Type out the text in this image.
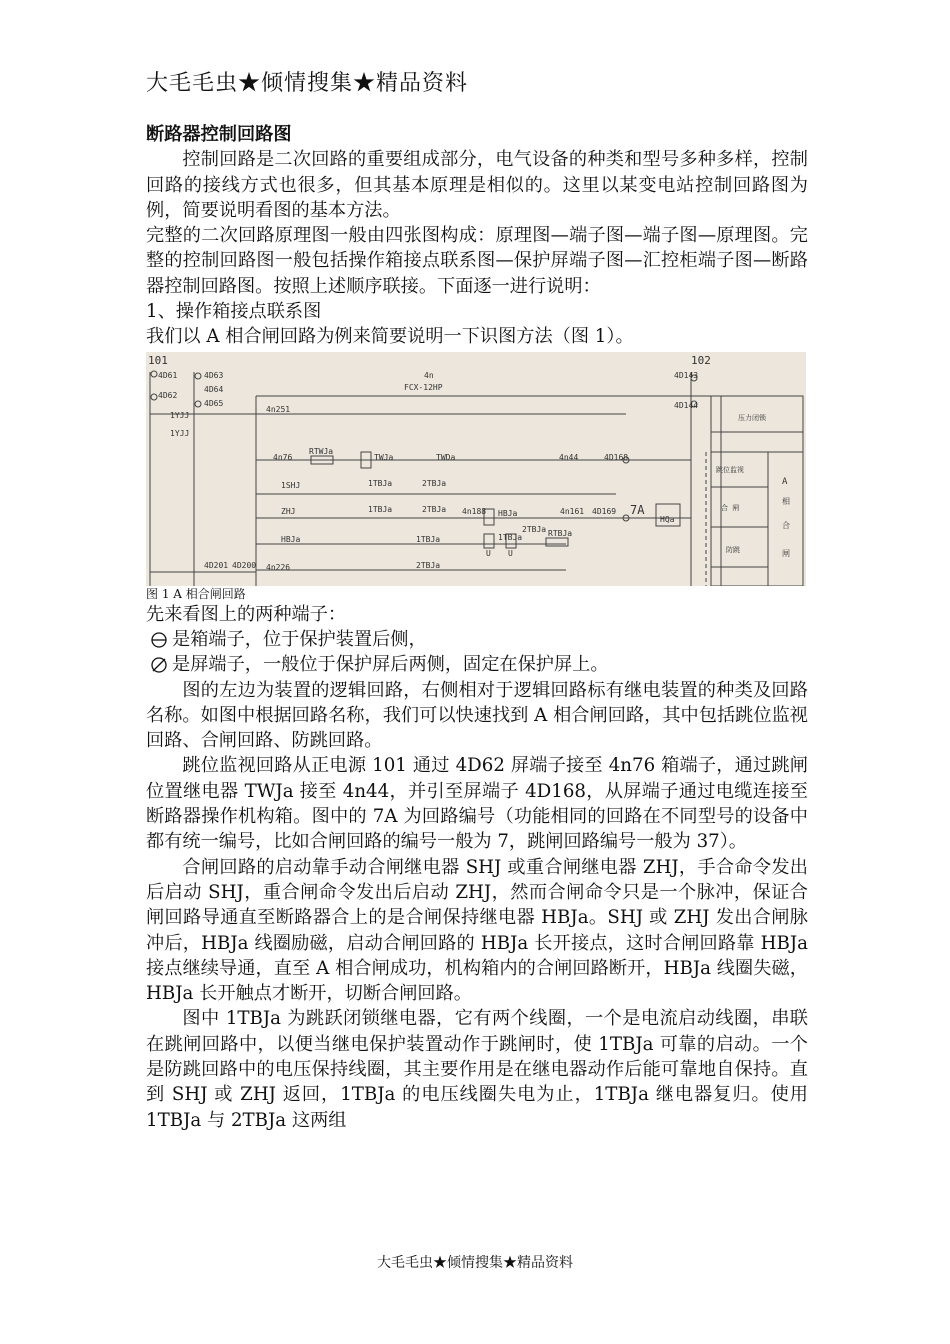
大毛毛虫★倾情搜集★精品资料

断路器控制回路图

控制回路是二次回路的重要组成部分，电气设备的种类和型号多种多样，控制回路的接线方式也很多，但其基本原理是相似的。这里以某变电站控制回路图为例，简要说明看图的基本方法。

完整的二次回路原理图一般由四张图构成：原理图—端子图—端子图—原理图。完整的控制回路图一般包括操作箱接点联系图—保护屏端子图—汇控柜端子图—断路器控制回路图。按照上述顺序联接。下面逐一进行说明：

1、操作箱接点联系图

我们以 A 相合闸回路为例来简要说明一下识图方法（图 1）。

101	102
4D61
4D62
4D63
4D64
4D65
1YJJ
1YJJ
4n
FCX-12HP
4n251
4n76
RTWJa
TWJa	TWDa	4n44	4D168
1SHJ	1TBJa	2TBJa
ZHJ	1TBJa	2TBJa 4n188 HBJa	4n161 4D169 7A
HQa
HBJa	1TBJa	1TBJa
2TBJa RTBJa
2TBJa
U U
4D201 4D200 4n226
4D143
4D144
压力闭锁
跳位监视
合 闸
防跳
A
相
合
闸

图 1 A 相合闸回路

先来看图上的两种端子：

是箱端子，位于保护装置后侧，

是屏端子，一般位于保护屏后两侧，固定在保护屏上。

图的左边为装置的逻辑回路，右侧相对于逻辑回路标有继电装置的种类及回路名称。如图中根据回路名称，我们可以快速找到 A 相合闸回路，其中包括跳位监视回路、合闸回路、防跳回路。

跳位监视回路从正电源 101 通过 4D62 屏端子接至 4n76 箱端子，通过跳闸位置继电器 TWJa 接至 4n44，并引至屏端子 4D168，从屏端子通过电缆连接至断路器操作机构箱。图中的 7A 为回路编号（功能相同的回路在不同型号的设备中都有统一编号，比如合闸回路的编号一般为 7，跳闸回路编号一般为 37）。

合闸回路的启动靠手动合闸继电器 SHJ 或重合闸继电器 ZHJ，手合命令发出后启动 SHJ，重合闸命令发出后启动 ZHJ，然而合闸命令只是一个脉冲，保证合闸回路导通直至断路器合上的是合闸保持继电器 HBJa。SHJ 或 ZHJ 发出合闸脉冲后，HBJa 线圈励磁，启动合闸回路的 HBJa 长开接点，这时合闸回路靠 HBJa 接点继续导通，直至 A 相合闸成功，机构箱内的合闸回路断开，HBJa 线圈失磁，HBJa 长开触点才断开，切断合闸回路。

图中 1TBJa 为跳跃闭锁继电器，它有两个线圈，一个是电流启动线圈，串联在跳闸回路中，以便当继电保护装置动作于跳闸时，使 1TBJa 可靠的启动。一个是防跳回路中的电压保持线圈，其主要作用是在继电器动作后能可靠地自保持。直到 SHJ 或 ZHJ 返回，1TBJa 的电压线圈失电为止，1TBJa 继电器复归。使用 1TBJa 与 2TBJa 这两组

大毛毛虫★倾情搜集★精品资料
